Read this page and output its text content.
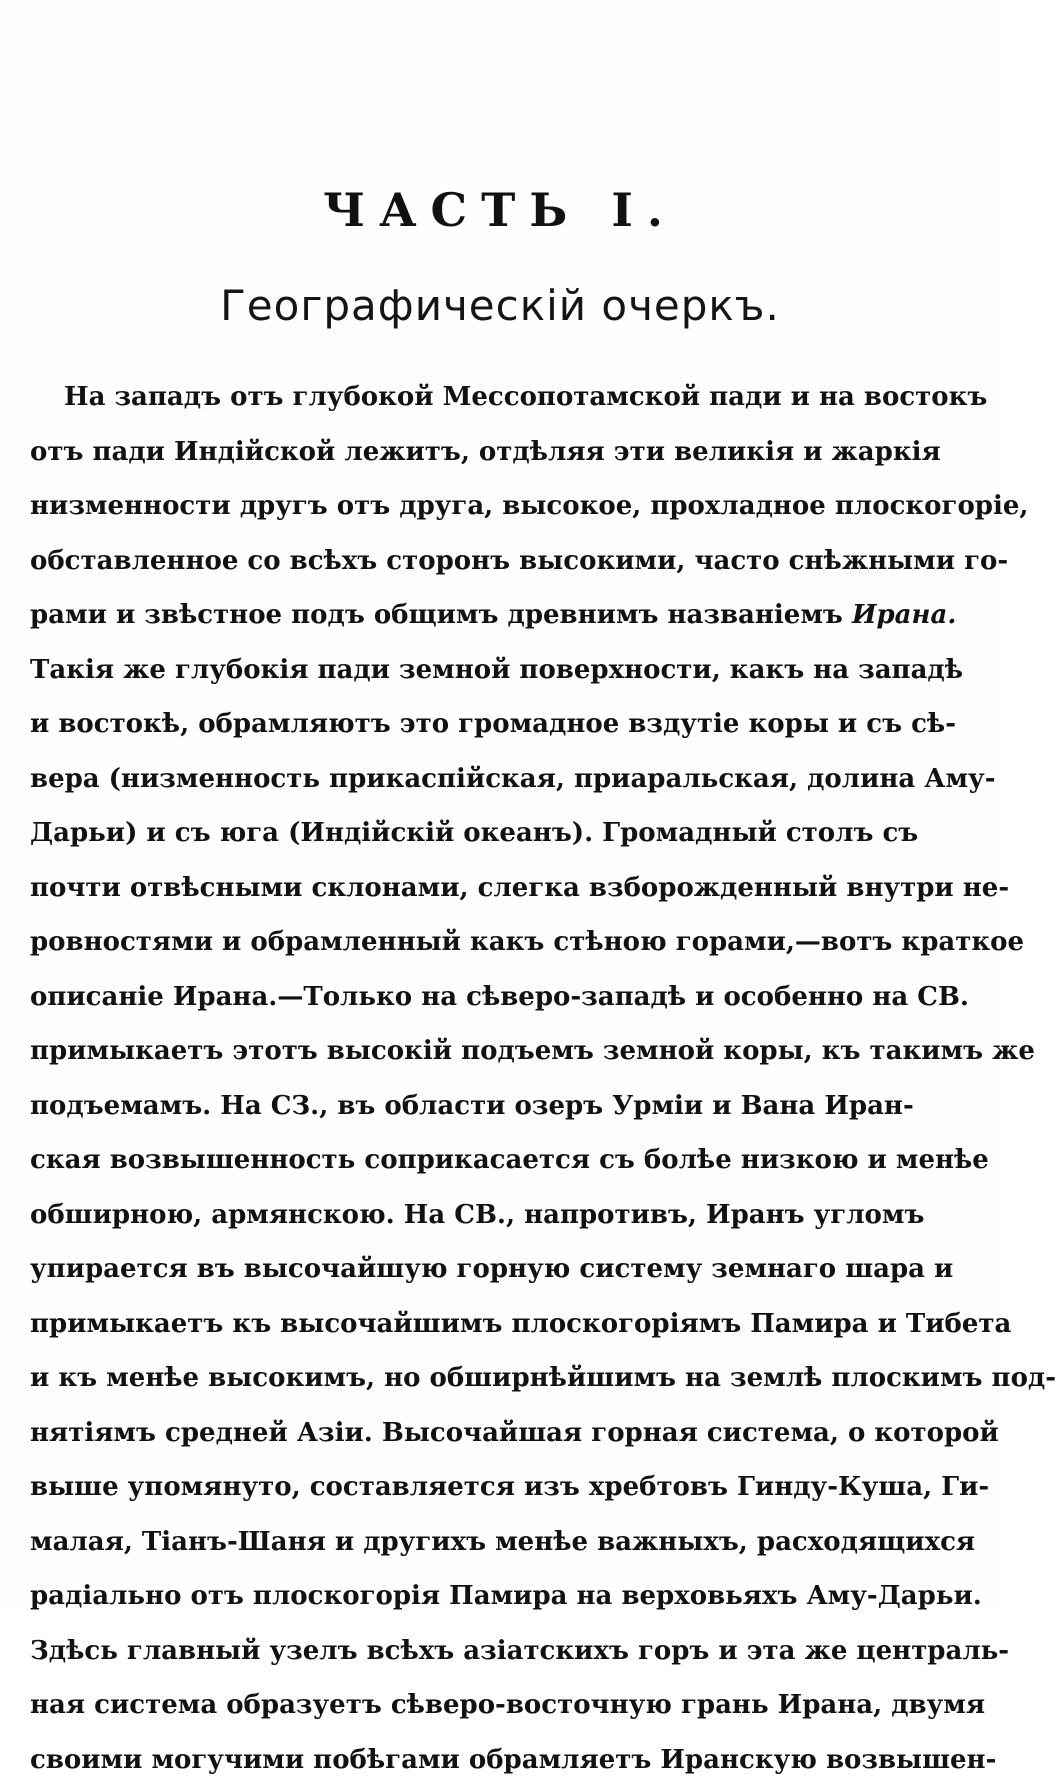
ЧАСТЬ I.
Географическій очеркъ.
На западъ отъ глубокой Мессопотамской пади и на востокъ
отъ пади Индійской лежитъ, отдѣляя эти великія и жаркія
низменности другъ отъ друга, высокое, прохладное плоскогоріе,
обставленное со всѣхъ сторонъ высокими, часто снѣжными го-
рами и звѣстное подъ общимъ древнимъ названіемъ Ирана.
Такія же глубокія пади земной поверхности, какъ на западѣ
и востокѣ, обрамляютъ это громадное вздутіе коры и съ сѣ-
вера (низменность прикаспійская, приаральская, долина Аму-
Дарьи) и съ юга (Индійскій океанъ). Громадный столъ съ
почти отвѣсными склонами, слегка взборожденный внутри не-
ровностями и обрамленный какъ стѣною горами,—вотъ краткое
описаніе Ирана.—Только на сѣверо-западѣ и особенно на СВ.
примыкаетъ этотъ высокій подъемъ земной коры, къ такимъ же
подъемамъ. На СЗ., въ области озеръ Урміи и Вана Иран-
ская возвышенность соприкасается съ болѣе низкою и менѣе
обширною, армянскою. На СВ., напротивъ, Иранъ угломъ
упирается въ высочайшую горную систему земнаго шара и
примыкаетъ къ высочайшимъ плоскогоріямъ Памира и Тибета
и къ менѣе высокимъ, но обширнѣйшимъ на землѣ плоскимъ под-
нятіямъ средней Азіи. Высочайшая горная система, о которой
выше упомянуто, составляется изъ хребтовъ Гинду-Куша, Ги-
малая, Тіанъ-Шаня и другихъ менѣе важныхъ, расходящихся
радіально отъ плоскогорія Памира на верховьяхъ Аму-Дарьи.
Здѣсь главный узелъ всѣхъ азіатскихъ горъ и эта же централь-
ная система образуетъ сѣверо-восточную грань Ирана, двумя
своими могучими побѣгами обрамляетъ Иранскую возвышен-
